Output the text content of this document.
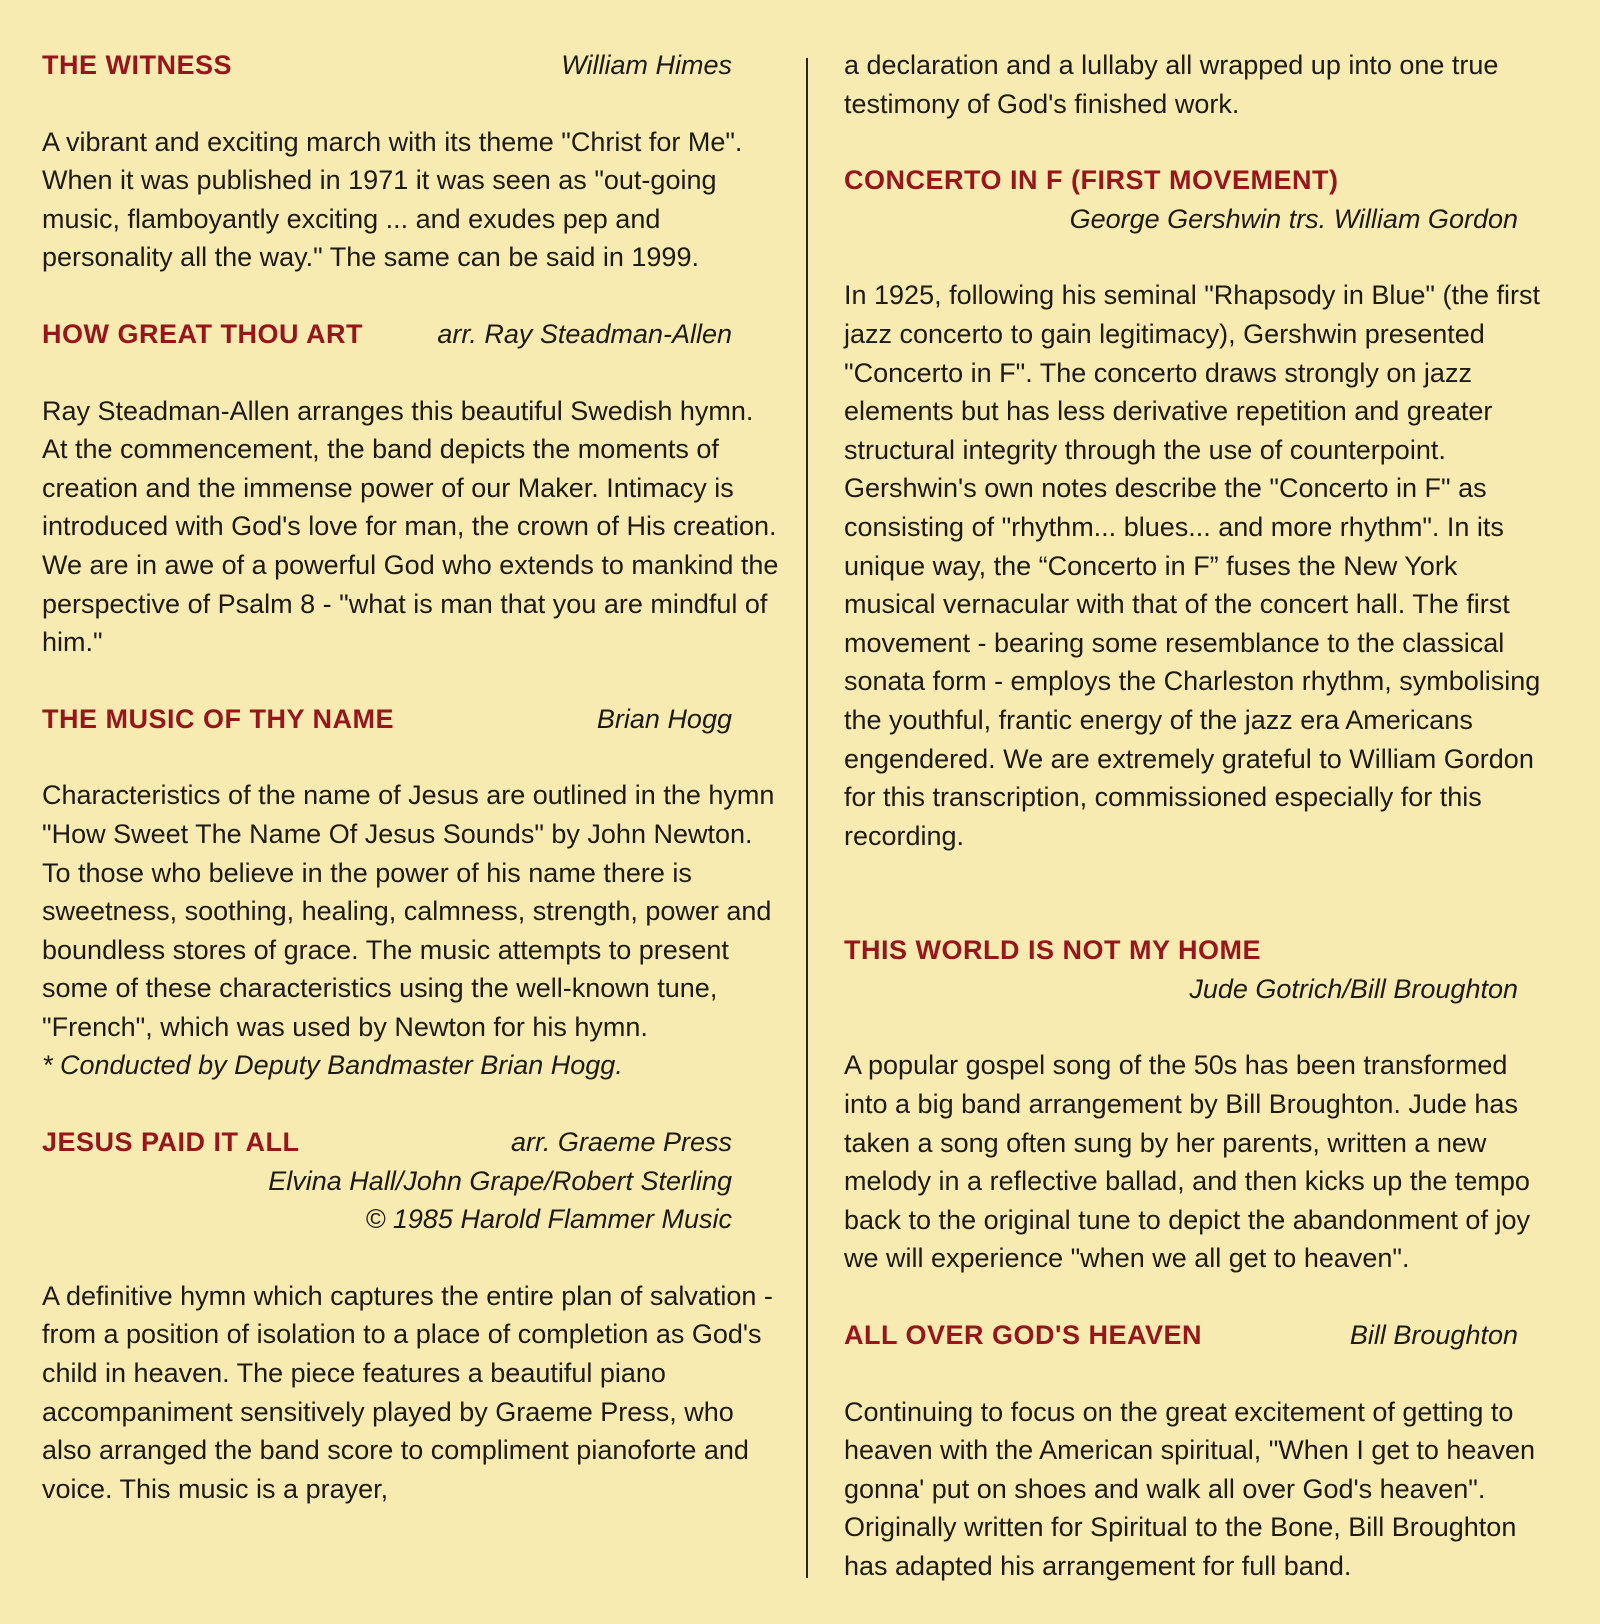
THE WITNESS	William Himes

A vibrant and exciting march with its theme "Christ for Me". When it was published in 1971 it was seen as "out-going music, flamboyantly exciting ... and exudes pep and personality all the way." The same can be said in 1999.

HOW GREAT THOU ART	arr. Ray Steadman-Allen

Ray Steadman-Allen arranges this beautiful Swedish hymn. At the commencement, the band depicts the moments of creation and the immense power of our Maker. Intimacy is introduced with God's love for man, the crown of His creation. We are in awe of a powerful God who extends to mankind the perspective of Psalm 8 - "what is man that you are mindful of him."

THE MUSIC OF THY NAME	Brian Hogg

Characteristics of the name of Jesus are outlined in the hymn "How Sweet The Name Of Jesus Sounds" by John Newton. To those who believe in the power of his name there is sweetness, soothing, healing, calmness, strength, power and boundless stores of grace. The music attempts to present some of these characteristics using the well-known tune, "French", which was used by Newton for his hymn.

* Conducted by Deputy Bandmaster Brian Hogg.

JESUS PAID IT ALL	arr. Graeme Press

Elvina Hall/John Grape/Robert Sterling

© 1985 Harold Flammer Music

A definitive hymn which captures the entire plan of salvation - from a position of isolation to a place of completion as God's child in heaven. The piece features a beautiful piano accompaniment sensitively played by Graeme Press, who also arranged the band score to compliment pianoforte and voice. This music is a prayer,

a declaration and a lullaby all wrapped up into one true testimony of God's finished work.

CONCERTO IN F (FIRST MOVEMENT)

George Gershwin trs. William Gordon

In 1925, following his seminal "Rhapsody in Blue" (the first jazz concerto to gain legitimacy), Gershwin presented "Concerto in F". The concerto draws strongly on jazz elements but has less derivative repetition and greater structural integrity through the use of counterpoint. Gershwin's own notes describe the "Concerto in F" as consisting of "rhythm... blues... and more rhythm". In its unique way, the “Concerto in F” fuses the New York musical vernacular with that of the concert hall. The first movement - bearing some resemblance to the classical sonata form - employs the Charleston rhythm, symbolising the youthful, frantic energy of the jazz era Americans engendered. We are extremely grateful to William Gordon for this transcription, commissioned especially for this recording.

THIS WORLD IS NOT MY HOME

Jude Gotrich/Bill Broughton

A popular gospel song of the 50s has been transformed into a big band arrangement by Bill Broughton. Jude has taken a song often sung by her parents, written a new melody in a reflective ballad, and then kicks up the tempo back to the original tune to depict the abandonment of joy we will experience "when we all get to heaven".

ALL OVER GOD'S HEAVEN	Bill Broughton

Continuing to focus on the great excitement of getting to heaven with the American spiritual, "When I get to heaven gonna' put on shoes and walk all over God's heaven". Originally written for Spiritual to the Bone, Bill Broughton has adapted his arrangement for full band.
